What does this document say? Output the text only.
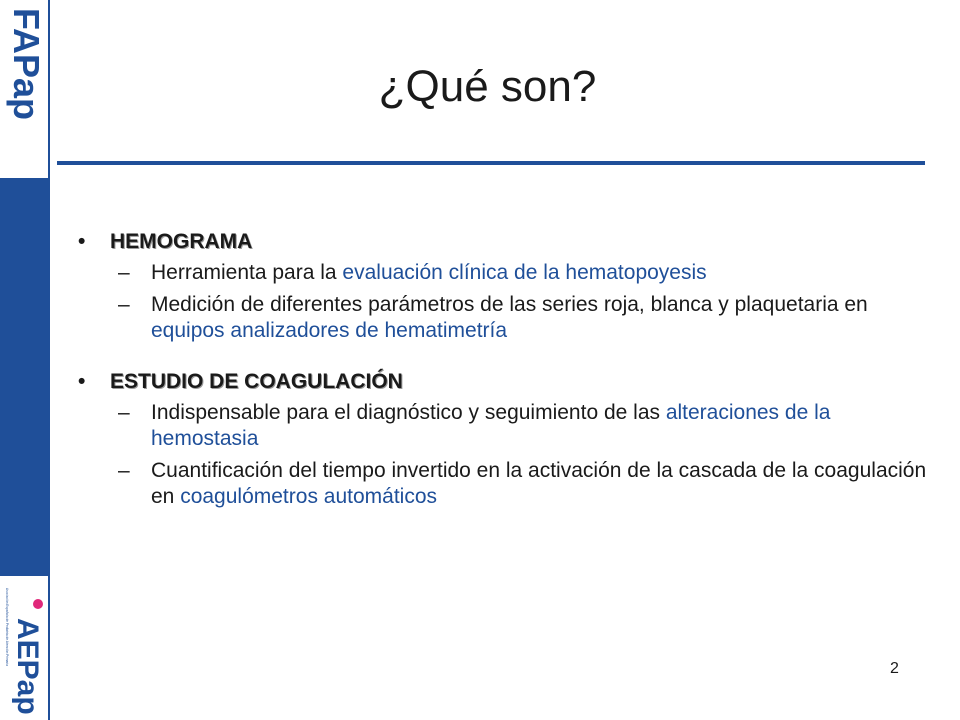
FAPap
AEPap
Asociación Española de Pediatría de Atención Primaria
¿Qué son?
•	HEMOGRAMA
–	Herramienta para la evaluación clínica de la hematopoyesis
–	Medición de diferentes parámetros de las series roja, blanca y plaquetaria en equipos analizadores de hematimetría
•	ESTUDIO DE COAGULACIÓN
–	Indispensable para el diagnóstico y seguimiento de las alteraciones de la hemostasia
–	Cuantificación del tiempo invertido en la activación de la cascada de la coagulación en coagulómetros automáticos
2
